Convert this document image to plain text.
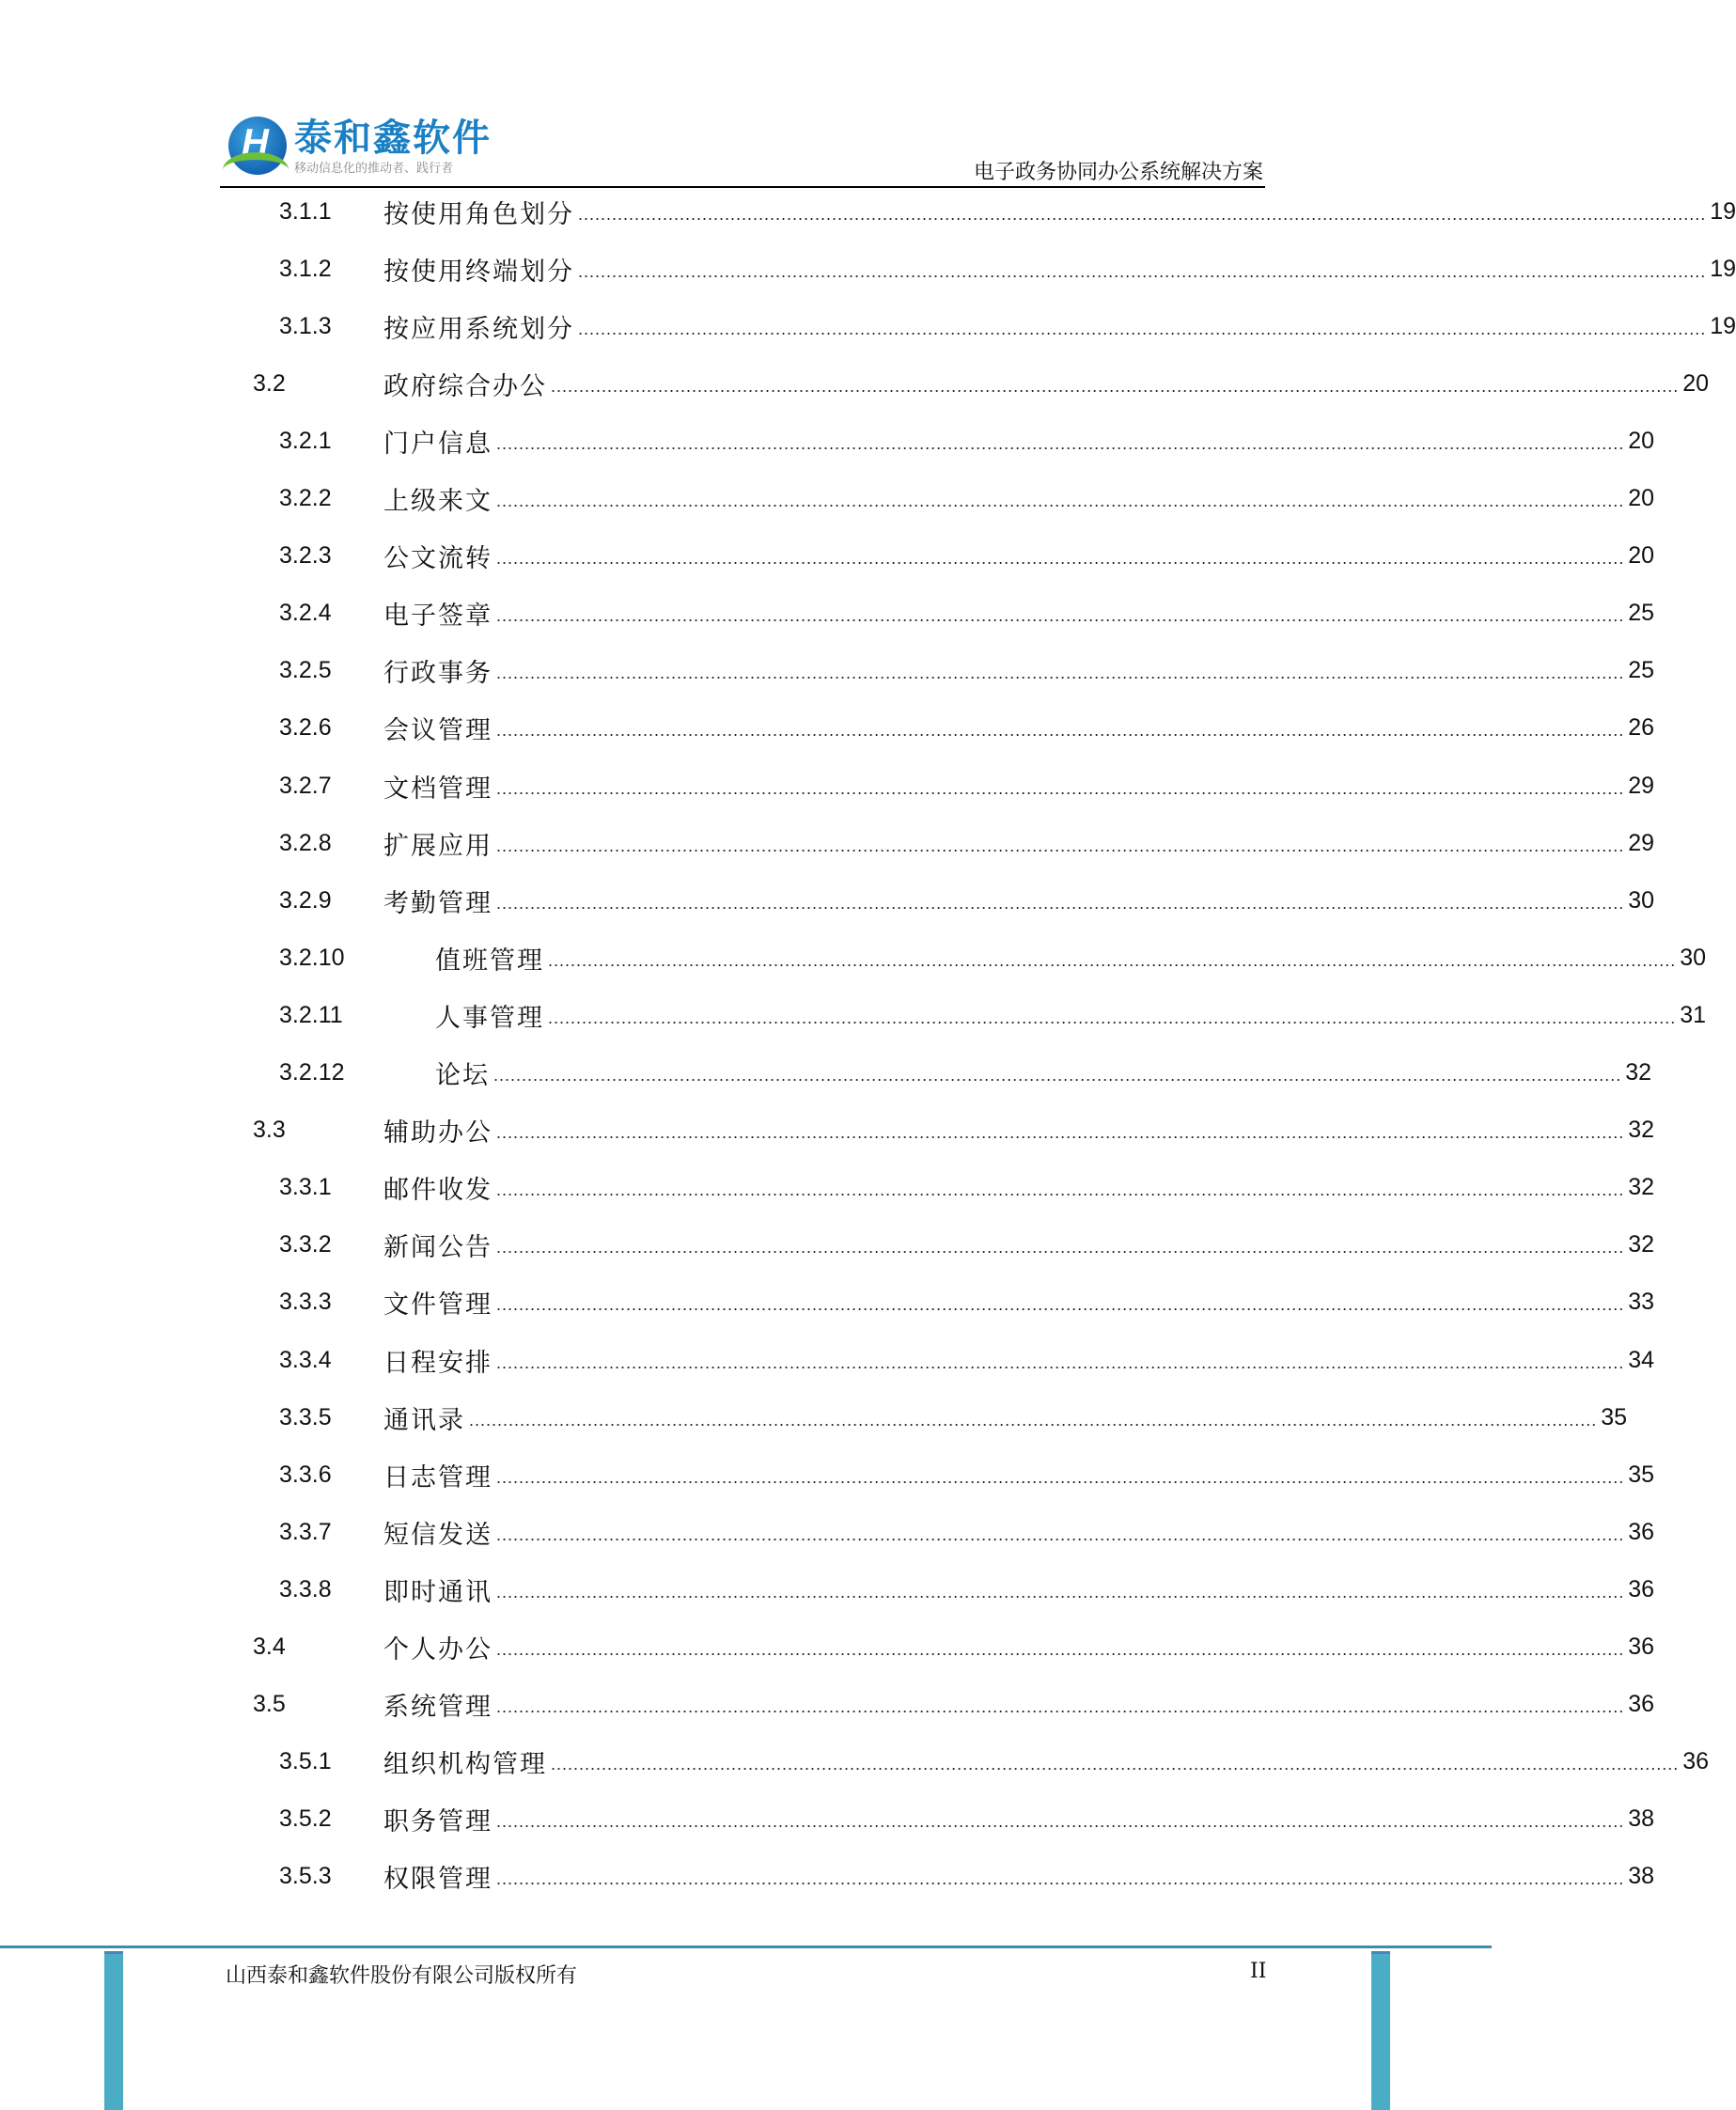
H 泰和鑫软件
移动信息化的推动者、践行者	电子政务协同办公系统解决方案
3.1.1 按使用角色划分 ........................................................................................................................................................................................................ 19
3.1.2 按使用终端划分 ........................................................................................................................................................................................................ 19
3.1.3 按应用系统划分 ........................................................................................................................................................................................................ 19
3.2	政府综合办公 ........................................................................................................................................................................................................ 20
3.2.1 门户信息 ........................................................................................................................................................................................................ 20
3.2.2 上级来文 ........................................................................................................................................................................................................ 20
3.2.3 公文流转 ........................................................................................................................................................................................................ 20
3.2.4 电子签章 ........................................................................................................................................................................................................ 25
3.2.5 行政事务 ........................................................................................................................................................................................................ 25
3.2.6 会议管理 ........................................................................................................................................................................................................ 26
3.2.7 文档管理 ........................................................................................................................................................................................................ 29
3.2.8 扩展应用 ........................................................................................................................................................................................................ 29
3.2.9 考勤管理 ........................................................................................................................................................................................................ 30
3.2.10	值班管理 ........................................................................................................................................................................................................ 30
3.2.11	人事管理 ........................................................................................................................................................................................................ 31
3.2.12	论坛 ........................................................................................................................................................................................................ 32
3.3	辅助办公 ........................................................................................................................................................................................................ 32
3.3.1 邮件收发 ........................................................................................................................................................................................................ 32
3.3.2 新闻公告 ........................................................................................................................................................................................................ 32
3.3.3 文件管理 ........................................................................................................................................................................................................ 33
3.3.4 日程安排 ........................................................................................................................................................................................................ 34
3.3.5 通讯录 ........................................................................................................................................................................................................ 35
3.3.6 日志管理 ........................................................................................................................................................................................................ 35
3.3.7 短信发送 ........................................................................................................................................................................................................ 36
3.3.8 即时通讯 ........................................................................................................................................................................................................ 36
3.4	个人办公 ........................................................................................................................................................................................................ 36
3.5	系统管理 ........................................................................................................................................................................................................ 36
3.5.1 组织机构管理 ........................................................................................................................................................................................................ 36
3.5.2 职务管理 ........................................................................................................................................................................................................ 38
3.5.3 权限管理 ........................................................................................................................................................................................................ 38
山西泰和鑫软件股份有限公司版权所有	II
